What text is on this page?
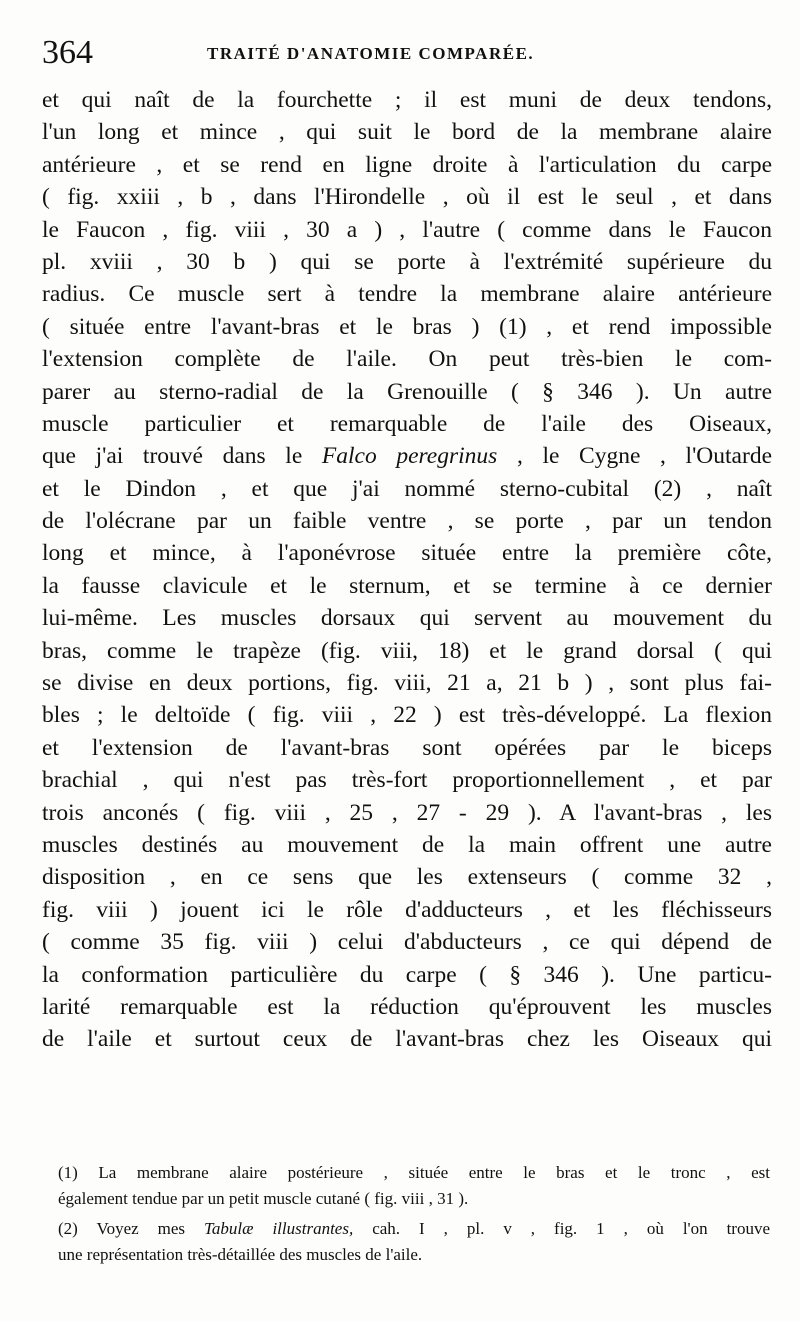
364	TRAITÉ D'ANATOMIE COMPARÉE.
et qui naît de la fourchette ; il est muni de deux tendons,
l'un long et mince , qui suit le bord de la membrane alaire
antérieure , et se rend en ligne droite à l'articulation du carpe
( fig. xxiii , b , dans l'Hirondelle , où il est le seul , et dans
le Faucon , fig. viii , 30 a ) , l'autre ( comme dans le Faucon
pl. xviii , 30 b ) qui se porte à l'extrémité supérieure du
radius. Ce muscle sert à tendre la membrane alaire antérieure
( située entre l'avant-bras et le bras ) (1) , et rend impossible
l'extension complète de l'aile. On peut très-bien le com-
parer au sterno-radial de la Grenouille ( § 346 ). Un autre
muscle particulier et remarquable de l'aile des Oiseaux,
que j'ai trouvé dans le Falco peregrinus , le Cygne , l'Outarde
et le Dindon , et que j'ai nommé sterno-cubital (2) , naît
de l'olécrane par un faible ventre , se porte , par un tendon
long et mince, à l'aponévrose située entre la première côte,
la fausse clavicule et le sternum, et se termine à ce dernier
lui-même. Les muscles dorsaux qui servent au mouvement du
bras, comme le trapèze (fig. viii, 18) et le grand dorsal ( qui
se divise en deux portions, fig. viii, 21 a, 21 b ) , sont plus fai-
bles ; le deltoïde ( fig. viii , 22 ) est très-développé. La flexion
et l'extension de l'avant-bras sont opérées par le biceps
brachial , qui n'est pas très-fort proportionnellement , et par
trois anconés ( fig. viii , 25 , 27 - 29 ). A l'avant-bras , les
muscles destinés au mouvement de la main offrent une autre
disposition , en ce sens que les extenseurs ( comme 32 ,
fig. viii ) jouent ici le rôle d'adducteurs , et les fléchisseurs
( comme 35 fig. viii ) celui d'abducteurs , ce qui dépend de
la conformation particulière du carpe ( § 346 ). Une particu-
larité remarquable est la réduction qu'éprouvent les muscles
de l'aile et surtout ceux de l'avant-bras chez les Oiseaux qui
(1) La membrane alaire postérieure , située entre le bras et le tronc , est
également tendue par un petit muscle cutané ( fig. viii , 31 ).
(2) Voyez mes Tabulæ illustrantes, cah. I , pl. v , fig. 1 , où l'on trouve
une représentation très-détaillée des muscles de l'aile.
